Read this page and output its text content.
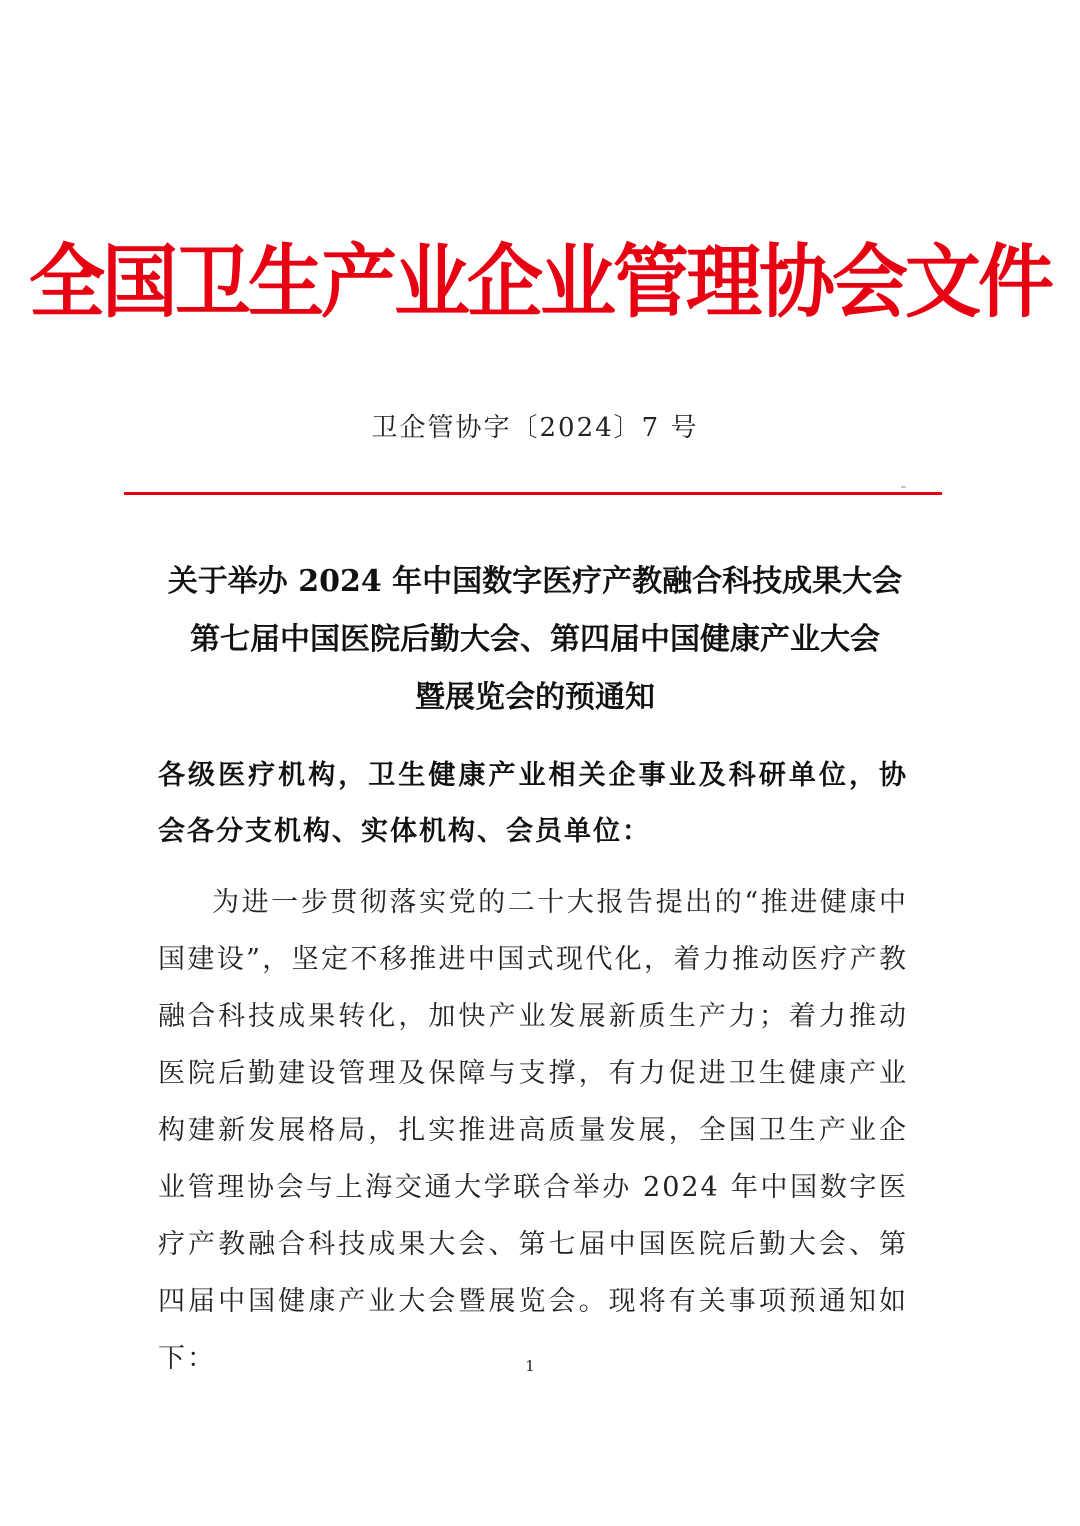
全国卫生产业企业管理协会文件
卫企管协字〔2024〕7 号
关于举办 2024 年中国数字医疗产教融合科技成果大会
第七届中国医院后勤大会、第四届中国健康产业大会
暨展览会的预通知
各级医疗机构，卫生健康产业相关企事业及科研单位，协会各分支机构、实体机构、会员单位：
为进一步贯彻落实党的二十大报告提出的“推进健康中国建设”，坚定不移推进中国式现代化，着力推动医疗产教融合科技成果转化，加快产业发展新质生产力；着力推动医院后勤建设管理及保障与支撑，有力促进卫生健康产业构建新发展格局，扎实推进高质量发展，全国卫生产业企业管理协会与上海交通大学联合举办 2024 年中国数字医疗产教融合科技成果大会、第七届中国医院后勤大会、第四届中国健康产业大会暨展览会。现将有关事项预通知如下：	1
